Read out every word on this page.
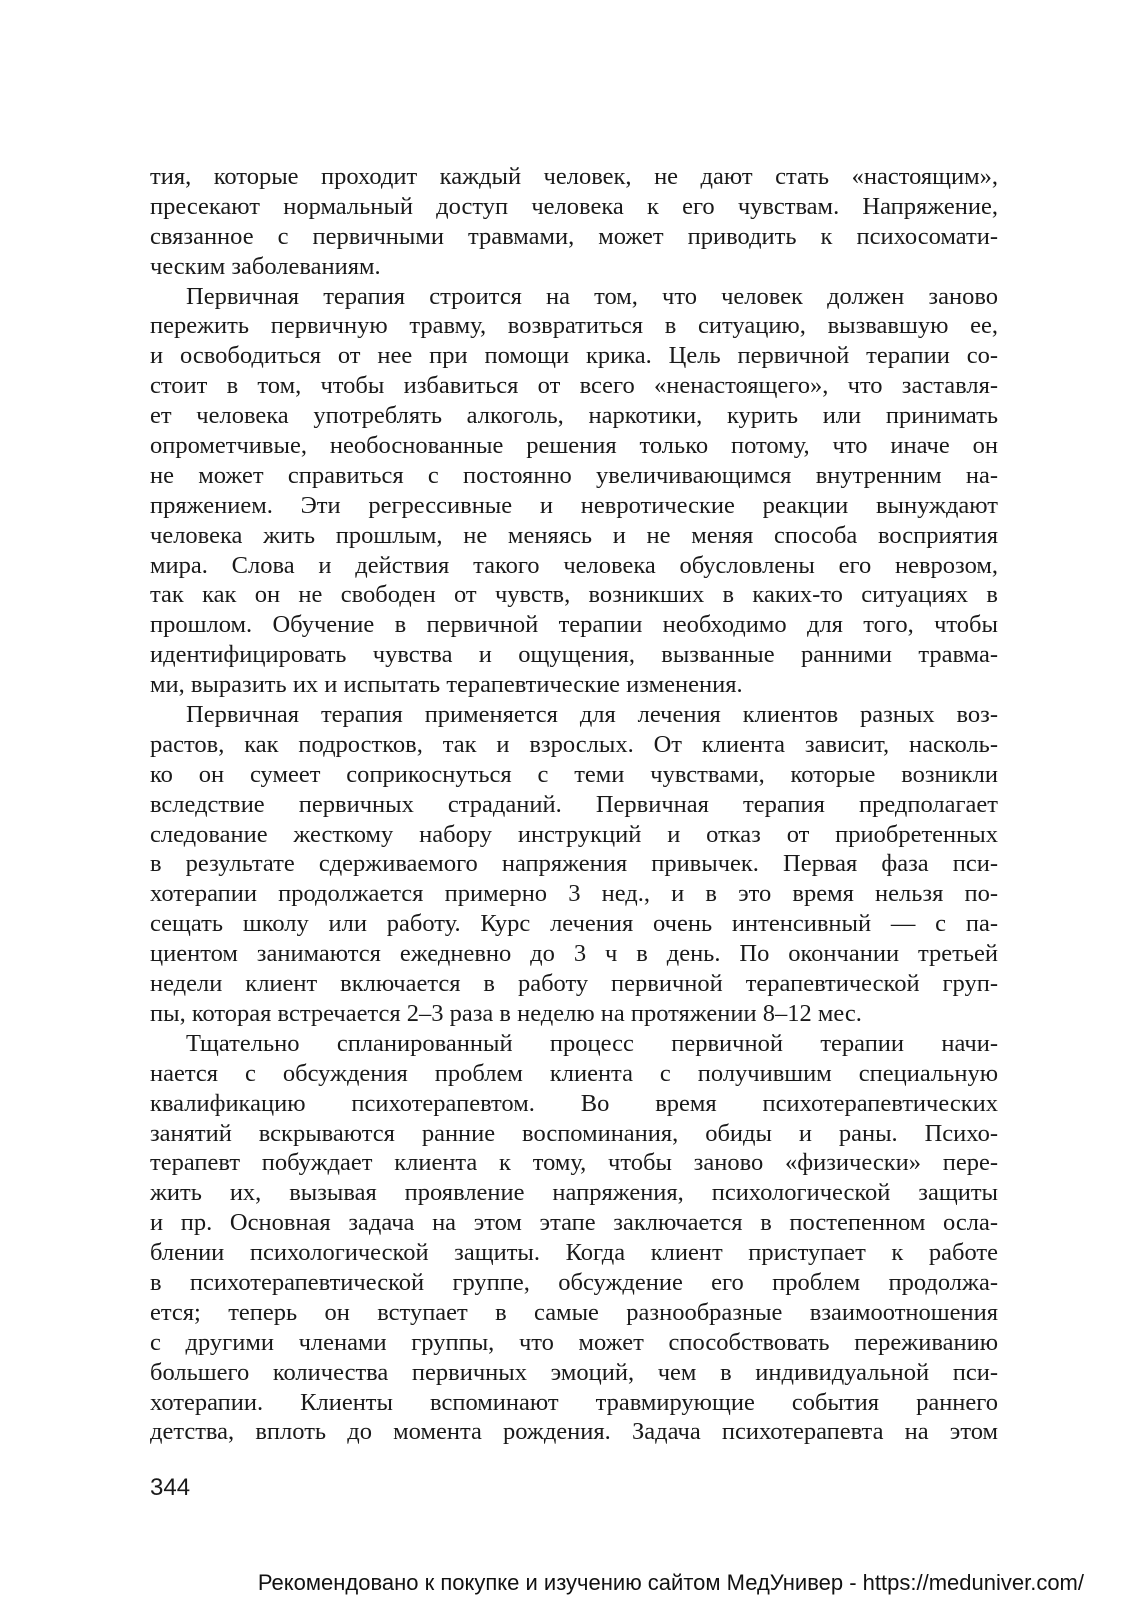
тия, которые проходит каждый человек, не дают стать «настоящим»,
пресекают нормальный доступ человека к его чувствам. Напряжение,
связанное с первичными травмами, может приводить к психосомати-
ческим заболеваниям.
Первичная терапия строится на том, что человек должен заново
пережить первичную травму, возвратиться в ситуацию, вызвавшую ее,
и освободиться от нее при помощи крика. Цель первичной терапии со-
стоит в том, чтобы избавиться от всего «ненастоящего», что заставля-
ет человека употреблять алкоголь, наркотики, курить или принимать
опрометчивые, необоснованные решения только потому, что иначе он
не может справиться с постоянно увеличивающимся внутренним на-
пряжением. Эти регрессивные и невротические реакции вынуждают
человека жить прошлым, не меняясь и не меняя способа восприятия
мира. Слова и действия такого человека обусловлены его неврозом,
так как он не свободен от чувств, возникших в каких-то ситуациях в
прошлом. Обучение в первичной терапии необходимо для того, чтобы
идентифицировать чувства и ощущения, вызванные ранними травма-
ми, выразить их и испытать терапевтические изменения.
Первичная терапия применяется для лечения клиентов разных воз-
растов, как подростков, так и взрослых. От клиента зависит, насколь-
ко он сумеет соприкоснуться с теми чувствами, которые возникли
вследствие первичных страданий. Первичная терапия предполагает
следование жесткому набору инструкций и отказ от приобретенных
в результате сдерживаемого напряжения привычек. Первая фаза пси-
хотерапии продолжается примерно 3 нед., и в это время нельзя по-
сещать школу или работу. Курс лечения очень интенсивный — с па-
циентом занимаются ежедневно до 3 ч в день. По окончании третьей
недели клиент включается в работу первичной терапевтической груп-
пы, которая встречается 2–3 раза в неделю на протяжении 8–12 мес.
Тщательно спланированный процесс первичной терапии начи-
нается с обсуждения проблем клиента с получившим специальную
квалификацию психотерапевтом. Во время психотерапевтических
занятий вскрываются ранние воспоминания, обиды и раны. Психо-
терапевт побуждает клиента к тому, чтобы заново «физически» пере-
жить их, вызывая проявление напряжения, психологической защиты
и пр. Основная задача на этом этапе заключается в постепенном осла-
блении психологической защиты. Когда клиент приступает к работе
в психотерапевтической группе, обсуждение его проблем продолжа-
ется; теперь он вступает в самые разнообразные взаимоотношения
с другими членами группы, что может способствовать переживанию
большего количества первичных эмоций, чем в индивидуальной пси-
хотерапии. Клиенты вспоминают травмирующие события раннего
детства, вплоть до момента рождения. Задача психотерапевта на этом
344
Рекомендовано к покупке и изучению сайтом МедУнивер - https://meduniver.com/
